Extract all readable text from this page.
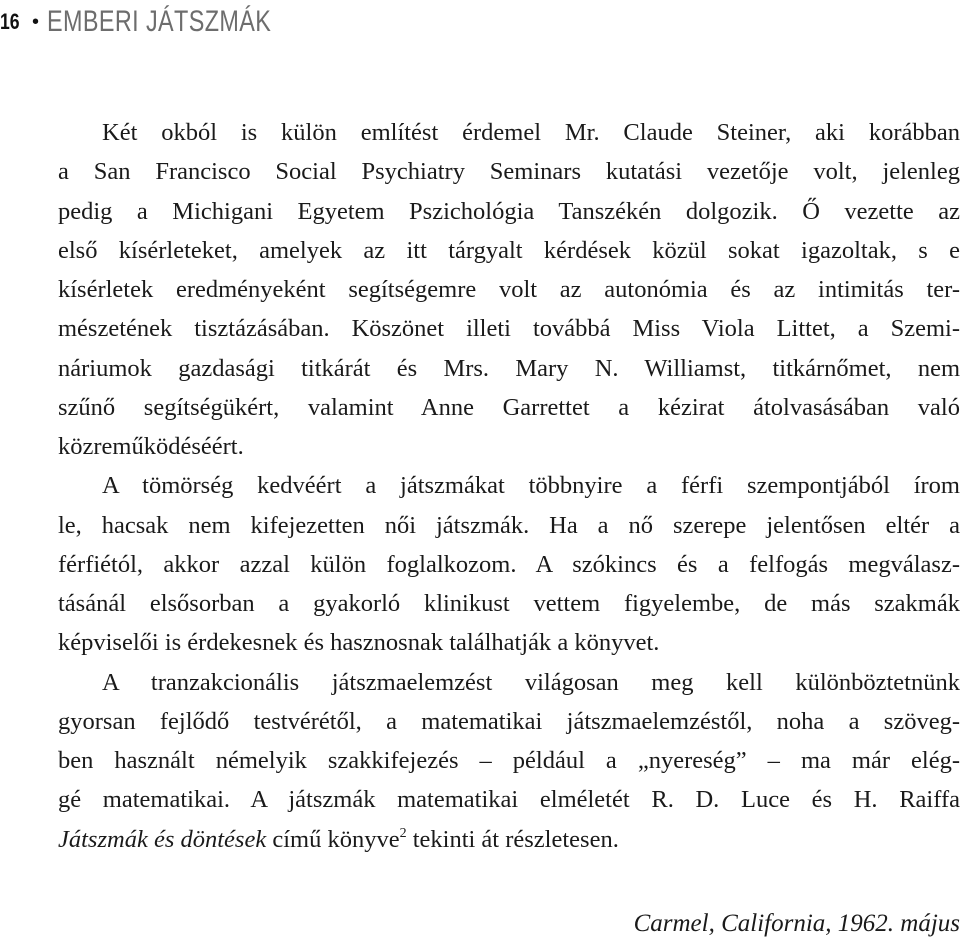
16 • EMBERI JÁTSZMÁK
Két okból is külön említést érdemel Mr. Claude Steiner, aki korábban
a San Francisco Social Psychiatry Seminars kutatási vezetője volt, jelenleg
pedig a Michigani Egyetem Pszichológia Tanszékén dolgozik. Ő vezette az
első kísérleteket, amelyek az itt tárgyalt kérdések közül sokat igazoltak, s e
kísérletek eredményeként segítségemre volt az autonómia és az intimitás ter-
mészetének tisztázásában. Köszönet illeti továbbá Miss Viola Littet, a Szemi-
náriumok gazdasági titkárát és Mrs. Mary N. Williamst, titkárnőmet, nem
szűnő segítségükért, valamint Anne Garrettet a kézirat átolvasásában való
közreműködéséért.
A tömörség kedvéért a játszmákat többnyire a férfi szempontjából írom
le, hacsak nem kifejezetten női játszmák. Ha a nő szerepe jelentősen eltér a
férfiétól, akkor azzal külön foglalkozom. A szókincs és a felfogás megválasz-
tásánál elsősorban a gyakorló klinikust vettem figyelembe, de más szakmák
képviselői is érdekesnek és hasznosnak találhatják a könyvet.
A tranzakcionális játszmaelemzést világosan meg kell különböztetnünk
gyorsan fejlődő testvérétől, a matematikai játszmaelemzéstől, noha a szöveg-
ben használt némelyik szakkifejezés – például a „nyereség” – ma már elég-
gé matematikai. A játszmák matematikai elméletét R. D. Luce és H. Raiffa
Játszmák és döntések című könyve$^2$ tekinti át részletesen.
Carmel, California, 1962. május
